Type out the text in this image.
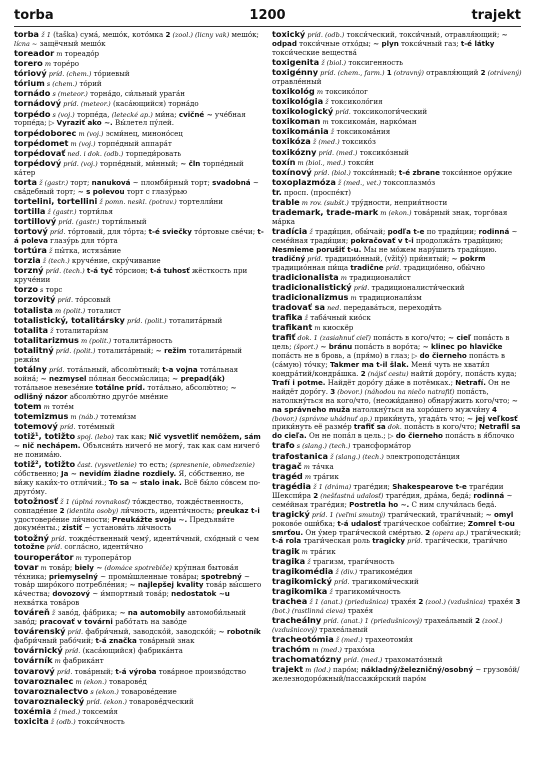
torba	1200	trajekt
torba ž 1 (taška) сума́, мешо́к, кото́мка 2 (zool.) (licny vak) мешо́к; lícna ~ защёчный мешо́к
toreador m тореадо́р
torero m торе́ро
tóriový príd. (chem.) то́риевый
tórium s (chem.) то́рий
tornádo s (meteor.) торна́до, си́льный урага́н
tornádový príd. (meteor.) (каса́ющийся) торна́до
torpédo s (voj.) торпе́да, (letecké ap.) ми́на; cvičné ~ уче́бная торпе́да; ▷ Vyraziť ako ~. Вы́летел пу́лей.
torpédoborec m (voj.) эсми́нец, миноно́сец
torpédomet m (voj.) торпе́дный аппара́т
torpédovať ned. i dok. (odb.) торпеди́ровать
torpédový príd. (voj.) торпе́дный, ми́нный; ~ čln торпе́дный ка́тер
torta ž (gastr.) торт; nanuková ~ пломби́рный торт; svadobná ~ сва́дебный торт; ~ s polevou торт с глазу́рью
tortelini, tortellini ž pomn. neskl. (potrav.) тортелли́ни
tortilla ž (gastr.) торти́лья
tortillový príd. (gastr.) торти́льный
tortový príd. то́ртовый, для то́рта; t-é sviečky то́ртовые све́чи; t-á poleva глазу́рь для то́рта
tortúra ž пы́тка, истяза́ние
torzia ž (tech.) круче́ние, скру́чивание
torzný príd. (tech.) t-á tyč то́рсион; t-á tuhosť жёсткость при круче́нии
torzo s торс
torzovitý príd. то́рсовый
totalista m (polit.) тоталист
totalistický, totalitársky príd. (polit.) тоталита́рный
totalita ž тоталитари́зм
totalitarizmus m (polit.) тоталита́рность
totalitný príd. (polit.) тоталита́рный; ~ režim тоталита́рный режи́м
totálny príd. тота́льный, абсолю́тный; t-a vojna тота́льная война́; ~ nezmysel по́лная бессмы́слица; ~ prepad(ák) тота́льное невезе́ние totálne príd. тота́льно, абсолю́тно; ~ odlišný názor абсолю́тно друго́е мне́ние
totem m тоте́м
totemizmus m (náb.) тотеми́зм
totemový príd. тоте́мный
totiž¹, totižto spoj. (lebo) так как; Nič vysvetliť nemôžem, sám ~ nič nechápem. Объясни́ть ничего́ не могу́, так как сам ничего́ не понима́ю.
totiž², totižto čast. (vysvetlenie) то есть; (spresnenie, obmedzenie) со́бственно; Ja ~ nevidím žiadne rozdiely. Я, со́бственно, не ви́жу каки́х-то отли́чий.; To sa ~ stalo inak. Всё бы́ло со́всем по-друго́му.
totožnosť ž 1 (úplná rovnakosť) то́ждество, тожде́ственность, совпаде́ние 2 (identita osoby) ли́чность, иденти́чность; preukaz t-i удостовере́ние ли́чности; Preukážte svoju ~. Предъяви́те докуме́нты.; zistiť ~ установи́ть ли́чность
totožný príd. тожде́ственный чему́, иденти́чный, схо́дный с чем totožne príd. согла́сно, иденти́чно
touroperátor m туропера́тор
tovar m това́р; biely ~ (domáce spotrebiče) кру́пная бытова́я те́хника; priemyselný ~ промы́шленные това́ры; spotrebný ~ това́р широ́кого потребле́ния; ~ najlepšej kvality това́р вы́сшего ка́чества; dovozový ~ и́мпортный това́р; nedostatok ~u нехва́тка това́ров
továreň ž заво́д, фа́брика; ~ na automobily автомоби́льный заво́д; pracovať v továrni рабо́тать на заво́де
továrenský príd. фабри́чный, заводско́й, заводско́й; ~ robotník фабри́чный рабо́чий; t-á značka това́рный знак
továrnický príd. (каса́ющийся) фабрика́нта
továrník m фабрика́нт
tovarový príd. това́рный; t-á výroba това́рное произво́дство
tovaroznalec m (ekon.) товарове́д
tovaroznalectvo s (ekon.) товарове́дение
tovaroznalecký príd. (ekon.) товарове́дческий
toxémia ž (med.) токсеми́я
toxicita ž (odb.) токси́чность
toxický príd. (odb.) токси́ческий, токси́чный, отравля́ющий; ~ odpad токси́чные отхо́ды; ~ plyn токси́чный газ; t-é látky токси́ческие вещества́
toxigenita ž (biol.) токсигенность
toxigénny príd. (chem., farm.) 1 (otravný) отравля́ющий 2 (otrávený) отравле́нный
toxikológ m токсико́лог
toxikológia ž токсиколо́гия
toxikologický príd. токсикологи́ческий
toxikoman m токсикома́н, нарко́ман
toxikománia ž токсикома́ния
toxikóza ž (med.) токсико́з
toxikózny príd. (med.) токсико́зный
toxín m (biol., med.) токси́н
toxínový príd. (biol.) токси́нный; t-é zbrane токси́нное ору́жие
toxoplazmóza ž (med., vet.) токсоплазмо́з
tr. просп. (проспе́кт)
trable m rov. (subšt.) тру́дности, неприя́тности
trademark, trade-mark m (ekon.) това́рный знак, торго́вая ма́рка
tradícia ž тради́ция, обы́чай; podľa t-e по тради́ции; rodinná ~ семе́йная тради́ция; pokračovať v t-i продолжа́ть тради́цию; Nesmieme porušiť t-u. Мы не мо́жем нару́шить тради́цию. tradičný príd. традицио́нный, (vžitý) при́нятый; ~ pokrm традицио́нная пи́ща tradične príd. традицио́нно, обы́чно
tradicionalista m традиционали́ст
tradicionalistický príd. традиционалисти́ческий
tradicionalizmus m традиционали́зм
tradovať sa ned. передава́ться, переходи́ть
trafika ž таба́чный кио́ск
trafikant m киоскёр
trafiť dok. 1 (zasiahnuť cieľ) попа́сть в кого/что; ~ cieľ попа́сть в цель; (šport.) ~ bránu попа́сть в воро́та; ~ klinec po hlavičke попа́сть не в бровь, а (пря́мо) в глаз; ▷ do čierneho попа́сть в (са́мую) то́чку; Takmer ma t-il šlak. Меня́ чуть не хвати́л кондра́тий/кондра́шка. 2 (nájsť cestu) найти́ доро́гу, попа́сть куда; Trafí i potme. Найдёт доро́гу да́же в потёмках.; Netrafí. Он не найдёт доро́гу. 3 (bovor.) (náhodou na niečo natrafiť) попа́сть, натолкну́ться на кого/что, (неожи́данно) обнару́жить кого/что; ~ na správneho muža натолкну́ться на хоро́шего мужчи́ну 4 (bovor.) (správne uhádnuť ap.) прики́нуть, угада́ть что; ~ jej veľkosť прики́нуть её разме́р trafiť sa dok. попа́сть в кого/что; Netrafil sa do cieľa. Он не попа́л в цель.; ▷ do čierneho попа́сть в я́блочко
trafo s (slang.) (tech.) трансформа́тор
trafostanica ž (slang.) (tech.) электроподста́нция
tragač m та́чка
tragéd m тра́гик
tragédia ž 1 (dráma) траге́дия; Shakespearove t-e траге́дии Шекспи́ра 2 (nešťastná udalosť) траге́дия, дра́ма, беда́; rodinná ~ семе́йная траге́дия; Postretla ho ~. С ним случи́лась беда́.
tragický príd. 1 (veľmi smutný) траги́ческий, траги́чный; ~ omyl роково́е оши́бка; t-á udalosť траги́ческое собы́тие; Zomrel t-ou smrťou. Он у́мер траги́ческой сме́ртью. 2 (opera ap.) траги́ческий; t-á rola траги́ческая роль tragicky príd. траги́чески, траги́чно
tragik m тра́гик
tragika ž трагизм, траги́чность
tragikomédia ž (div.) трагикоме́дия
tragikomický príd. трагикоми́ческий
tragikomika ž трагикоми́чность
trachea ž 1 (anat.) (priedušnica) трахе́я 2 (zool.) (vzdušnica) трахе́я 3 (bot.) (rastlinná cieva) трахе́я
tracheálny príd. (anat.) 1 (priedušnicový) трахеа́льный 2 (zool.) (vzdušnicový) трахеа́льный
tracheotómia ž (med.) трахеотоми́я
trachóm m (med.) трахо́ма
trachomatózny príd. (med.) трахомато́зный
trajekt m (lod.) паро́м; nákladný/železničný/osobný ~ грузово́й/железнодоро́жный/пассажи́рский паро́м
